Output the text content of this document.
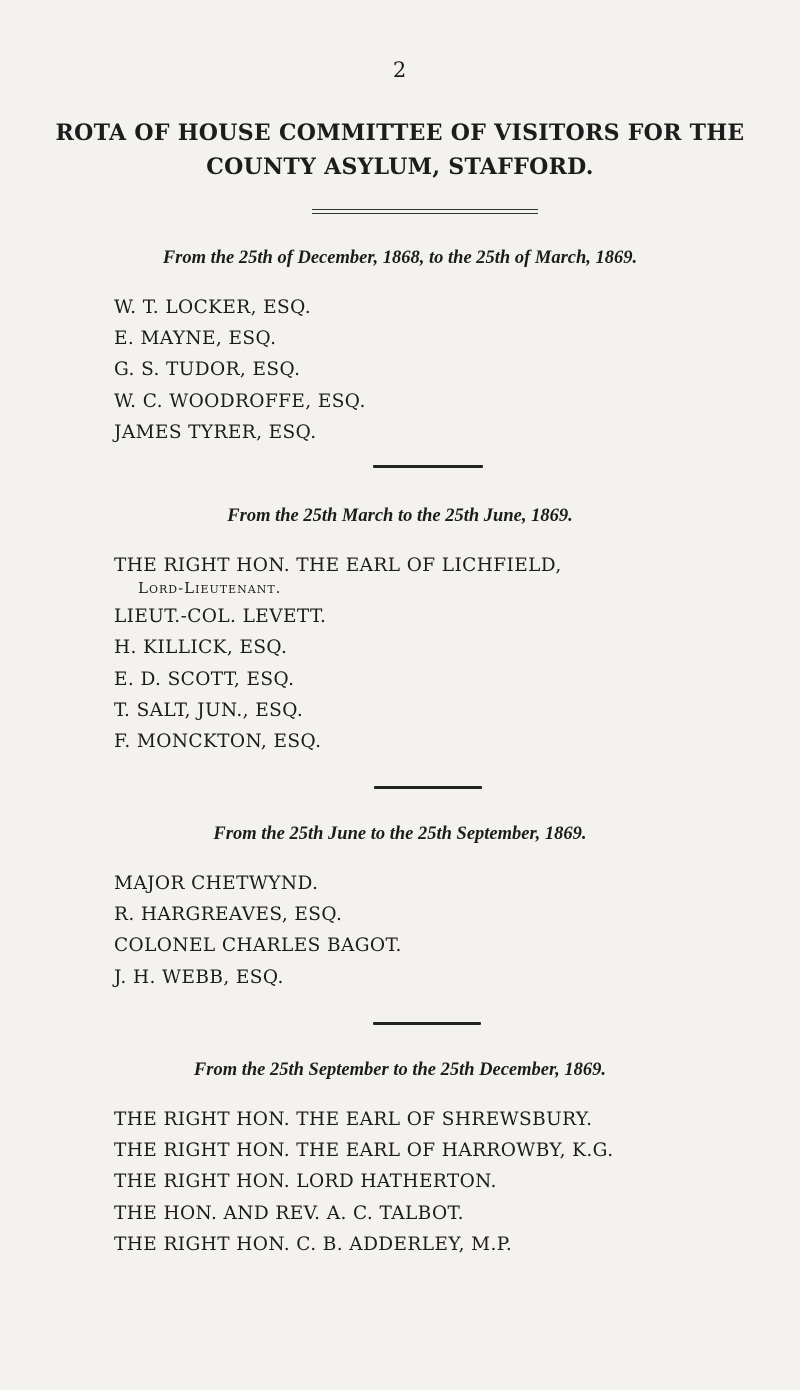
2
ROTA OF HOUSE COMMITTEE OF VISITORS FOR THE
COUNTY ASYLUM, STAFFORD.
From the 25th of December, 1868, to the 25th of March, 1869.
W. T. LOCKER, ESQ.
E. MAYNE, ESQ.
G. S. TUDOR, ESQ.
W. C. WOODROFFE, ESQ.
JAMES TYRER, ESQ.
From the 25th March to the 25th June, 1869.
THE RIGHT HON. THE EARL OF LICHFIELD,
Lord-Lieutenant.
LIEUT.-COL. LEVETT.
H. KILLICK, ESQ.
E. D. SCOTT, ESQ.
T. SALT, JUN., ESQ.
F. MONCKTON, ESQ.
From the 25th June to the 25th September, 1869.
MAJOR CHETWYND.
R. HARGREAVES, ESQ.
COLONEL CHARLES BAGOT.
J. H. WEBB, ESQ.
From the 25th September to the 25th December, 1869.
THE RIGHT HON. THE EARL OF SHREWSBURY.
THE RIGHT HON. THE EARL OF HARROWBY, K.G.
THE RIGHT HON. LORD HATHERTON.
THE HON. AND REV. A. C. TALBOT.
THE RIGHT HON. C. B. ADDERLEY, M.P.
